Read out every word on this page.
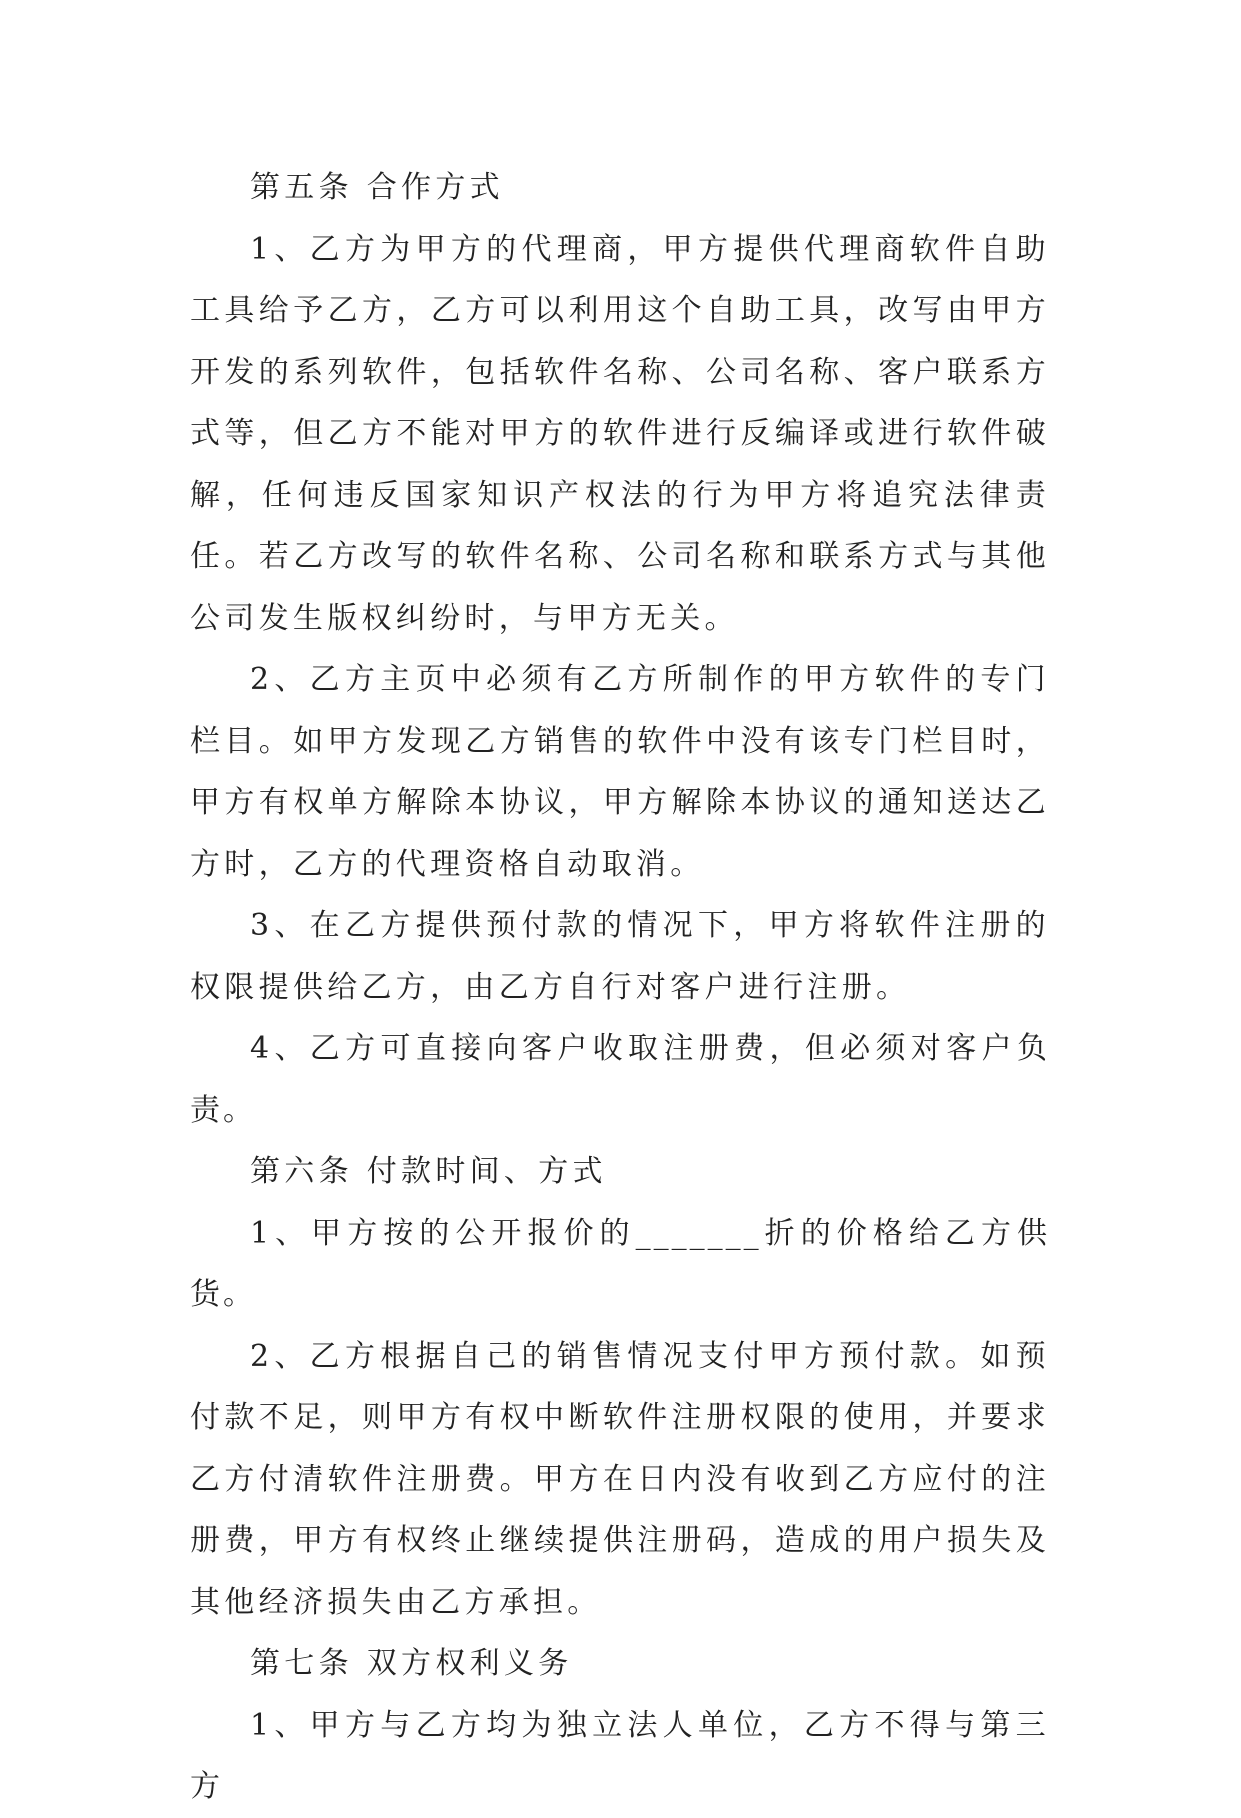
第五条 合作方式

1、乙方为甲方的代理商，甲方提供代理商软件自助工具给予乙方，乙方可以利用这个自助工具，改写由甲方开发的系列软件，包括软件名称、公司名称、客户联系方式等，但乙方不能对甲方的软件进行反编译或进行软件破解，任何违反国家知识产权法的行为甲方将追究法律责任。若乙方改写的软件名称、公司名称和联系方式与其他公司发生版权纠纷时，与甲方无关。

2、乙方主页中必须有乙方所制作的甲方软件的专门栏目。如甲方发现乙方销售的软件中没有该专门栏目时，甲方有权单方解除本协议，甲方解除本协议的通知送达乙方时，乙方的代理资格自动取消。

3、在乙方提供预付款的情况下，甲方将软件注册的权限提供给乙方，由乙方自行对客户进行注册。

4、乙方可直接向客户收取注册费，但必须对客户负责。

第六条 付款时间、方式

1、甲方按的公开报价的_______折的价格给乙方供货。

2、乙方根据自己的销售情况支付甲方预付款。如预付款不足，则甲方有权中断软件注册权限的使用，并要求乙方付清软件注册费。甲方在日内没有收到乙方应付的注册费，甲方有权终止继续提供注册码，造成的用户损失及其他经济损失由乙方承担。

第七条 双方权利义务

1、甲方与乙方均为独立法人单位，乙方不得与第三方
